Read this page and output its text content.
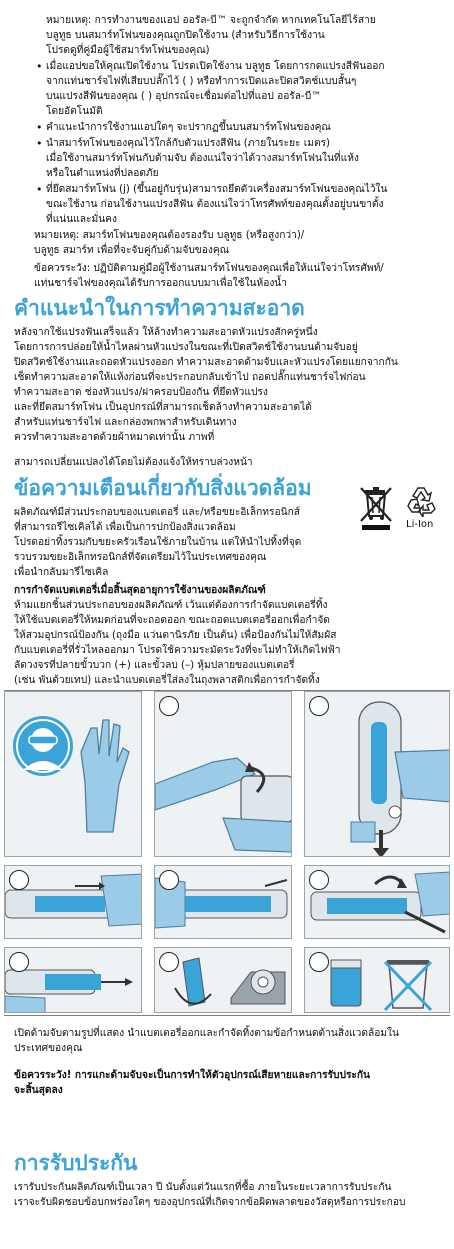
หมายเหตุ: การทำงานของแอป ออรัล-บี™ จะถูกจำกัด หากเทคโนโลยีไร้สาย
บลูทูธ บนสมาร์ทโฟนของคุณถูกปิดใช้งาน (สำหรับวิธีการใช้งาน
โปรดดูที่คู่มือผู้ใช้สมาร์ทโฟนของคุณ)
• เมื่อแอปขอให้คุณเปิดใช้งาน โปรดเปิดใช้งาน บลูทูธ โดยการกดแปรงสีฟันออก
จากแท่นชาร์จไฟที่เสียบปลั๊กไว้ ( ) หรือทำการเปิดและปิดสวิตช์แบบสั้นๆ
บนแปรงสีฟันของคุณ ( ) อุปกรณ์จะเชื่อมต่อไปที่แอป ออรัล-บี™
โดยอัตโนมัติ
• คำแนะนำการใช้งานแอปใดๆ จะปรากฏขึ้นบนสมาร์ทโฟนของคุณ
• นำสมาร์ทโฟนของคุณไว้ใกล้กับตัวแปรงสีฟัน (ภายในระยะ เมตร)
เมื่อใช้งานสมาร์ทโฟนกับด้ามจับ ต้องแน่ใจว่าได้วางสมาร์ทโฟนในที่แห้ง
หรือในตำแหน่งที่ปลอดภัย
• ที่ยึดสมาร์ทโฟน (j) (ขึ้นอยู่กับรุ่น)สามารถยึดตัวเครื่องสมาร์ทโฟนของคุณไว้ใน
ขณะใช้งาน ก่อนใช้งานแปรงสีฟัน ต้องแน่ใจว่าโทรศัพท์ของคุณตั้งอยู่บนขาตั้ง
ที่แน่นและมั่นคง
หมายเหตุ: สมาร์ทโฟนของคุณต้องรองรับ บลูทูธ (หรือสูงกว่า)/
บลูทูธ สมาร์ท เพื่อที่จะจับคู่กับด้ามจับของคุณ
ข้อควรระวัง: ปฏิบัติตามคู่มือผู้ใช้งานสมาร์ทโฟนของคุณเพื่อให้แน่ใจว่าโทรศัพท์/
แท่นชาร์จไฟของคุณได้รับการออกแบบมาเพื่อใช้ในห้องน้ำ
คำแนะนำในการทำความสะอาด
หลังจากใช้แปรงฟันเสร็จแล้ว ให้ล้างทำความสะอาดหัวแปรงสักครู่หนึ่ง
โดยการการปล่อยให้น้ำไหลผ่านหัวแปรงในขณะที่เปิดสวิตช์ใช้งานบนด้ามจับอยู่
ปิดสวิตช์ใช้งานและถอดหัวแปรงออก ทำความสะอาดด้ามจับและหัวแปรงโดยแยกจากกัน
เช็ดทำความสะอาดให้แห้งก่อนที่จะประกอบกลับเข้าไป ถอดปลั๊กแท่นชาร์จไฟก่อน
ทำความสะอาด ช่องหัวแปรง/ฝาครอบป้องกัน ที่ยึดหัวแปรง
และที่ยึดสมาร์ทโฟน เป็นอุปกรณ์ที่สามารถเช็ดล้างทำความสะอาดได้
สำหรับแท่นชาร์จไฟ และกล่องพกพาสำหรับเดินทาง
ควรทำความสะอาดด้วยผ้าหมาดเท่านั้น ภาพที่
สามารถเปลี่ยนแปลงได้โดยไม่ต้องแจ้งให้ทราบล่วงหน้า
ข้อความเตือนเกี่ยวกับสิ่งแวดล้อม
ผลิตภัณฑ์มีส่วนประกอบของแบตเตอรี่ และ/หรือขยะอิเล็กทรอนิกส์
ที่สามารถรีไซเคิลได้ เพื่อเป็นการปกป้องสิ่งแวดล้อม
โปรดอย่าทิ้งรวมกับขยะครัวเรือนใช้ภายในบ้าน แต่ให้นำไปทิ้งที่จุด
รวบรวมขยะอิเล็กทรอนิกส์ที่จัดเตรียมไว้ในประเทศของคุณ
เพื่อนำกลับมารีไซเคิล
Li-Ion
การกำจัดแบตเตอรี่เมื่อสิ้นสุดอายุการใช้งานของผลิตภัณฑ์
ห้ามแยกชิ้นส่วนประกอบของผลิตภัณฑ์ เว้นแต่ต้องการกำจัดแบตเตอรี่ทิ้ง
ให้ใช้แบตเตอรี่ให้หมดก่อนที่จะถอดออก ขณะถอดแบตเตอรี่ออกเพื่อกำจัด
ให้สวมอุปกรณ์ป้องกัน (ถุงมือ แว่นตานิรภัย เป็นต้น) เพื่อป้องกันไม่ให้สัมผัส
กับแบตเตอรี่ที่รั่วไหลออกมา โปรดใช้ความระมัดระวังที่จะไม่ทำให้เกิดไฟฟ้า
ลัดวงจรที่ปลายขั้วบวก (+) และขั้วลบ (–) หุ้มปลายของแบตเตอรี่
(เช่น พันด้วยเทป) และนำแบตเตอรี่ใส่ลงในถุงพลาสติกเพื่อการกำจัดทิ้ง
เปิดด้ามจับตามรูปที่แสดง นำแบตเตอรี่ออกและกำจัดทิ้งตามข้อกำหนดด้านสิ่งแวดล้อมใน
ประเทศของคุณ
ข้อควรระวัง! การแกะด้ามจับจะเป็นการทำให้ตัวอุปกรณ์เสียหายและการรับประกัน
จะสิ้นสุดลง
การรับประกัน
เรารับประกันผลิตภัณฑ์เป็นเวลา ปี นับตั้งแต่วันแรกที่ซื้อ ภายในระยะเวลาการรับประกัน
เราจะรับผิดชอบข้อบกพร่องใดๆ ของอุปกรณ์ที่เกิดจากข้อผิดพลาดของวัสดุหรือการประกอบ
